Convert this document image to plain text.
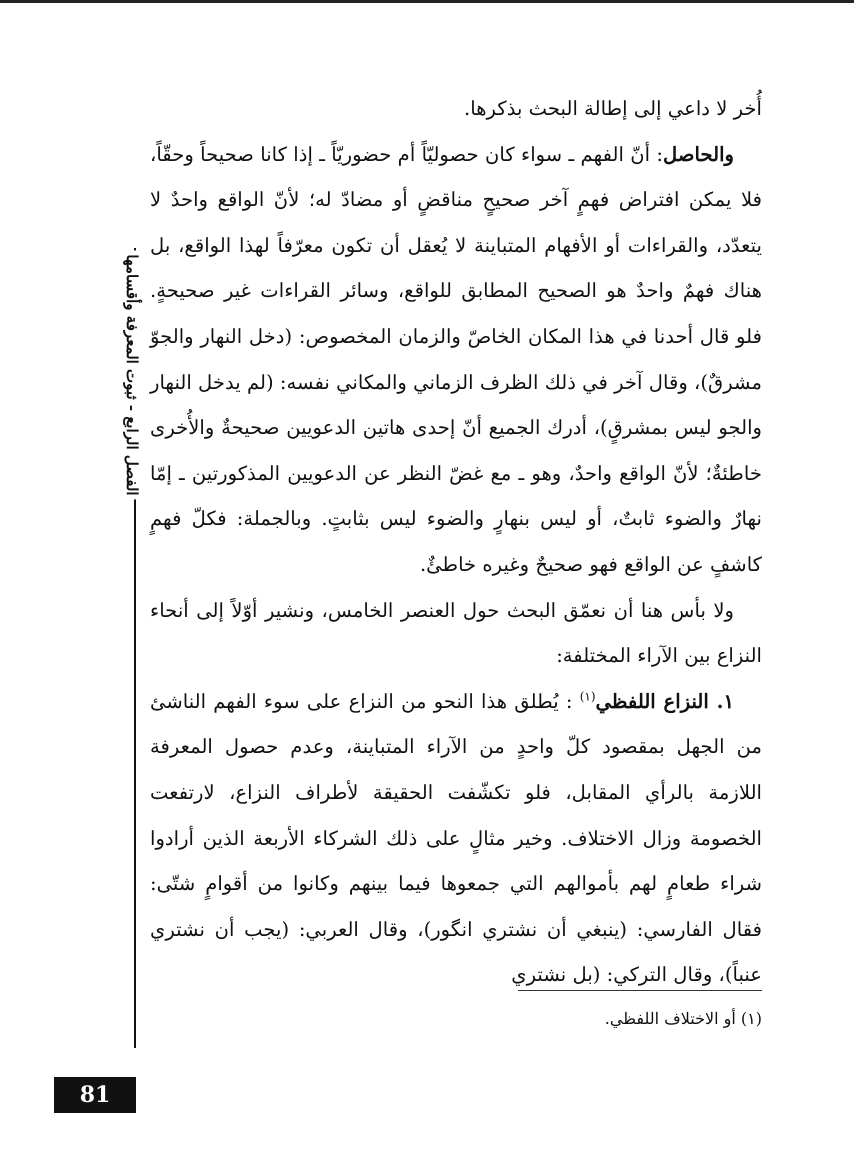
أُخر لا داعي إلى إطالة البحث بذكرها.

والحاصل: أنّ الفهم ـ سواء كان حصوليّاً أم حضوريّاً ـ إذا كانا صحيحاً وحقّاً، فلا يمكن افتراض فهمٍ آخر صحيحٍ مناقضٍ أو مضادّ له؛ لأنّ الواقع واحدٌ لا يتعدّد، والقراءات أو الأفهام المتباينة لا يُعقل أن تكون معرّفاً لهذا الواقع، بل هناك فهمٌ واحدٌ هو الصحيح المطابق للواقع، وسائر القراءات غير صحيحةٍ. فلو قال أحدنا في هذا المكان الخاصّ والزمان المخصوص: (دخل النهار والجوّ مشرقٌ)، وقال آخر في ذلك الظرف الزماني والمكاني نفسه: (لم يدخل النهار والجو ليس بمشرقٍ)، أدرك الجميع أنّ إحدى هاتين الدعويين صحيحةٌ والأُخرى خاطئةٌ؛ لأنّ الواقع واحدٌ، وهو ـ مع غضّ النظر عن الدعويين المذكورتين ـ إمّا نهارٌ والضوء ثابتٌ، أو ليس بنهارٍ والضوء ليس بثابتٍ. وبالجملة: فكلّ فهمٍ كاشفٍ عن الواقع فهو صحيحٌ وغيره خاطئٌ.

ولا بأس هنا أن نعمّق البحث حول العنصر الخامس، ونشير أوّلاً إلى أنحاء النزاع بين الآراء المختلفة:

١. النزاع اللفظي$^{(١)}$ : يُطلق هذا النحو من النزاع على سوء الفهم الناشئ من الجهل بمقصود كلّ واحدٍ من الآراء المتباينة، وعدم حصول المعرفة اللازمة بالرأي المقابل، فلو تكشّفت الحقيقة لأطراف النزاع، لارتفعت الخصومة وزال الاختلاف. وخير مثالٍ على ذلك الشركاء الأربعة الذين أرادوا شراء طعامٍ لهم بأموالهم التي جمعوها فيما بينهم وكانوا من أقوامٍ شتّى: فقال الفارسي: (ينبغي أن نشتري انگور)، وقال العربي: (يجب أن نشتري عنباً)، وقال التركي: (بل نشتري

(١) أو الاختلاف اللفظي.
الفصل الرابع - ثبوت المعرفة وأقسامها
81
